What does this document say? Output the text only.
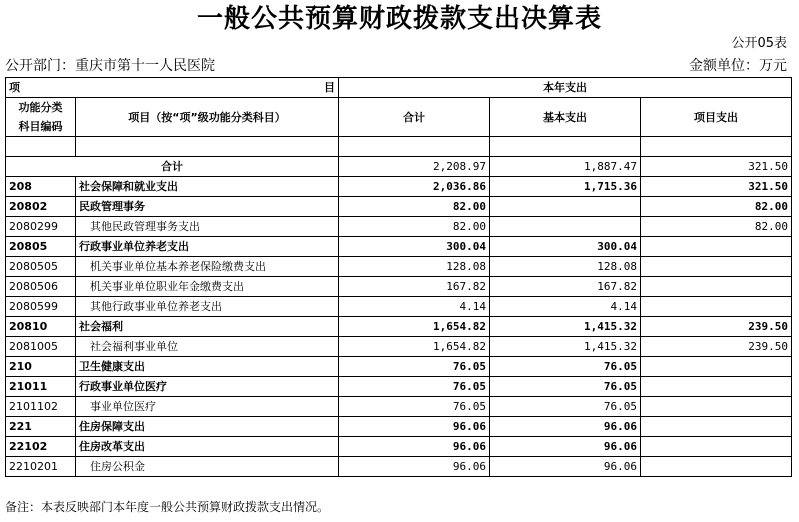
一般公共预算财政拨款支出决算表
公开05表
公开部门：重庆市第十一人民医院	金额单位：万元
项 目		本年支出		
功能分类
科目编码	项目（按“项”级功能分类科目）	合计	基本支出	项目支出

合计		2,208.97	1,887.47	321.50
208	社会保障和就业支出	2,036.86	1,715.36	321.50
20802	民政管理事务	82.00		82.00
2080299	其他民政管理事务支出	82.00		82.00
20805	行政事业单位养老支出	300.04	300.04	
2080505	机关事业单位基本养老保险缴费支出	128.08	128.08	
2080506	机关事业单位职业年金缴费支出	167.82	167.82	
2080599	其他行政事业单位养老支出	4.14	4.14	
20810	社会福利	1,654.82	1,415.32	239.50
2081005	社会福利事业单位	1,654.82	1,415.32	239.50
210	卫生健康支出	76.05	76.05	
21011	行政事业单位医疗	76.05	76.05	
2101102	事业单位医疗	76.05	76.05	
221	住房保障支出	96.06	96.06	
22102	住房改革支出	96.06	96.06	
2210201	住房公积金	96.06	96.06	
备注：本表反映部门本年度一般公共预算财政拨款支出情况。
